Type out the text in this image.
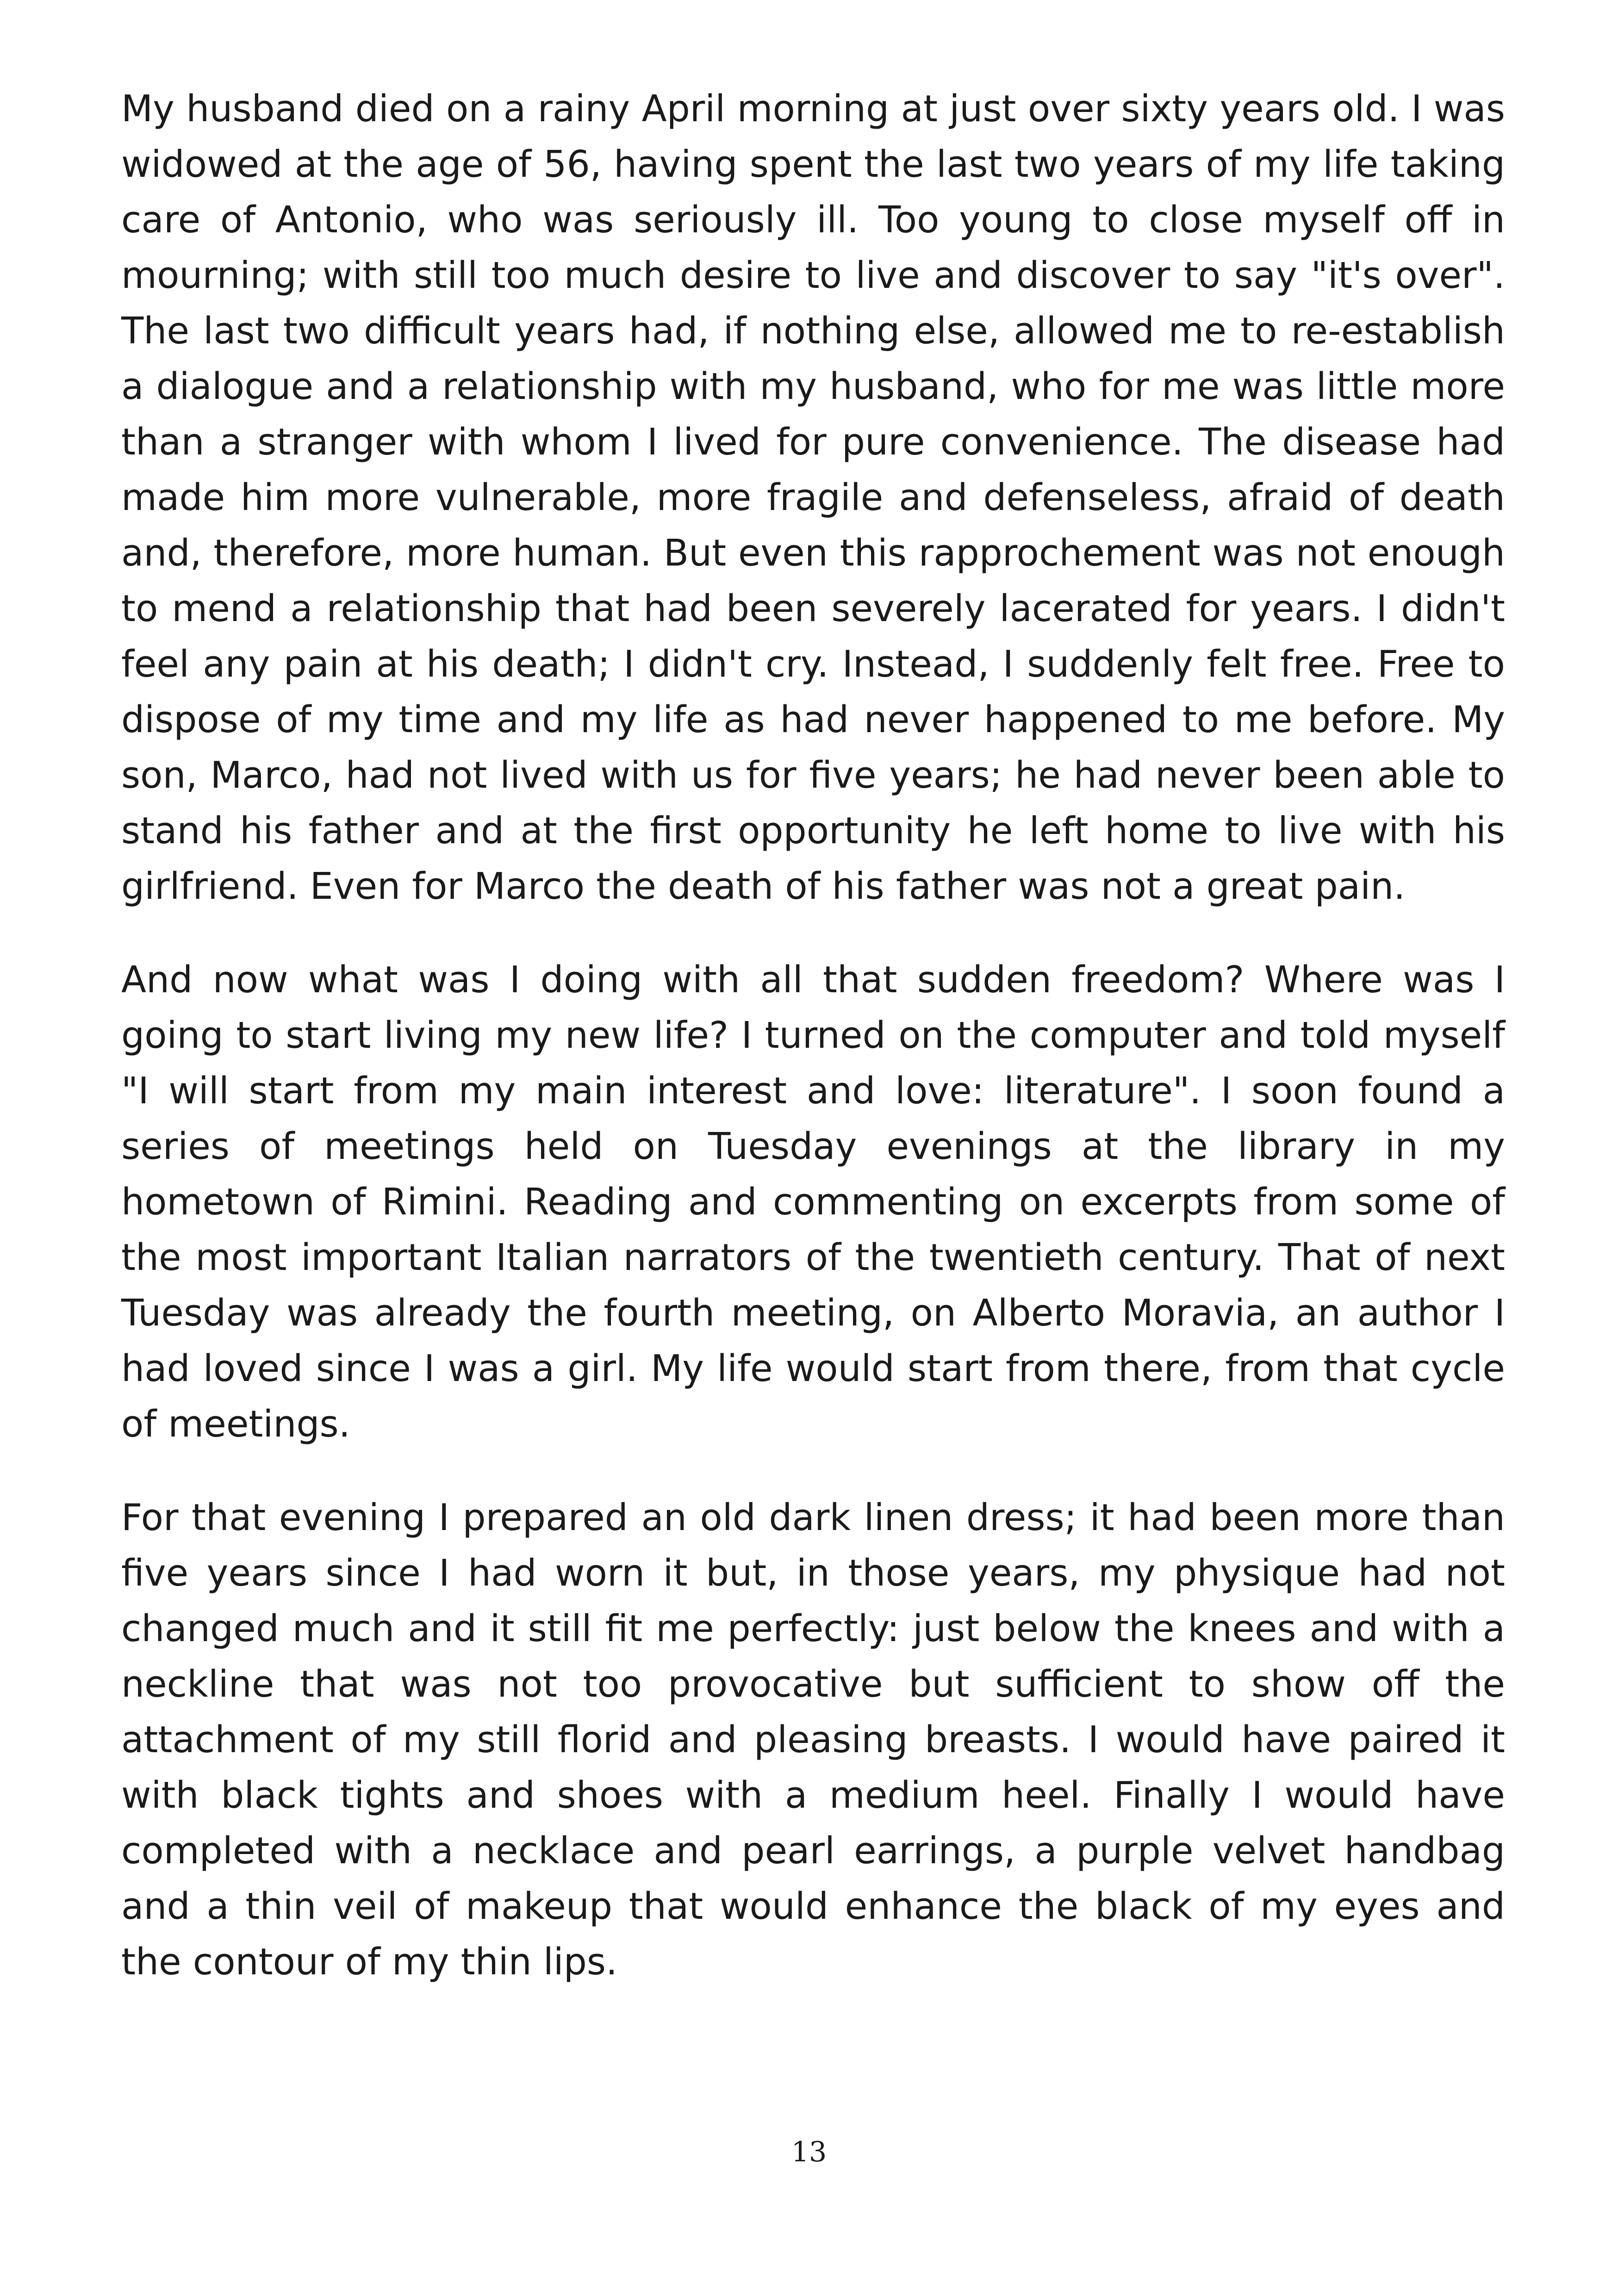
My husband died on a rainy April morning at just over sixty years old. I was widowed at the age of 56, having spent the last two years of my life taking care of Antonio, who was seriously ill. Too young to close myself off in mourning; with still too much desire to live and discover to say "it's over". The last two difficult years had, if nothing else, allowed me to re-establish a dialogue and a relationship with my husband, who for me was little more than a stranger with whom I lived for pure convenience. The disease had made him more vulnerable, more fragile and defenseless, afraid of death and, therefore, more human. But even this rapprochement was not enough to mend a relationship that had been severely lacerated for years. I didn't feel any pain at his death; I didn't cry. Instead, I suddenly felt free. Free to dispose of my time and my life as had never happened to me before. My son, Marco, had not lived with us for five years; he had never been able to stand his father and at the first opportunity he left home to live with his girlfriend. Even for Marco the death of his father was not a great pain.

And now what was I doing with all that sudden freedom? Where was I going to start living my new life? I turned on the computer and told myself "I will start from my main interest and love: literature". I soon found a series of meetings held on Tuesday evenings at the library in my hometown of Rimini. Reading and commenting on excerpts from some of the most important Italian narrators of the twentieth century. That of next Tuesday was already the fourth meeting, on Alberto Moravia, an author I had loved since I was a girl. My life would start from there, from that cycle of meetings.

For that evening I prepared an old dark linen dress; it had been more than five years since I had worn it but, in those years, my physique had not changed much and it still fit me perfectly: just below the knees and with a neckline that was not too provocative but sufficient to show off the attachment of my still florid and pleasing breasts. I would have paired it with black tights and shoes with a medium heel. Finally I would have completed with a necklace and pearl earrings, a purple velvet handbag and a thin veil of makeup that would enhance the black of my eyes and the contour of my thin lips.

13
